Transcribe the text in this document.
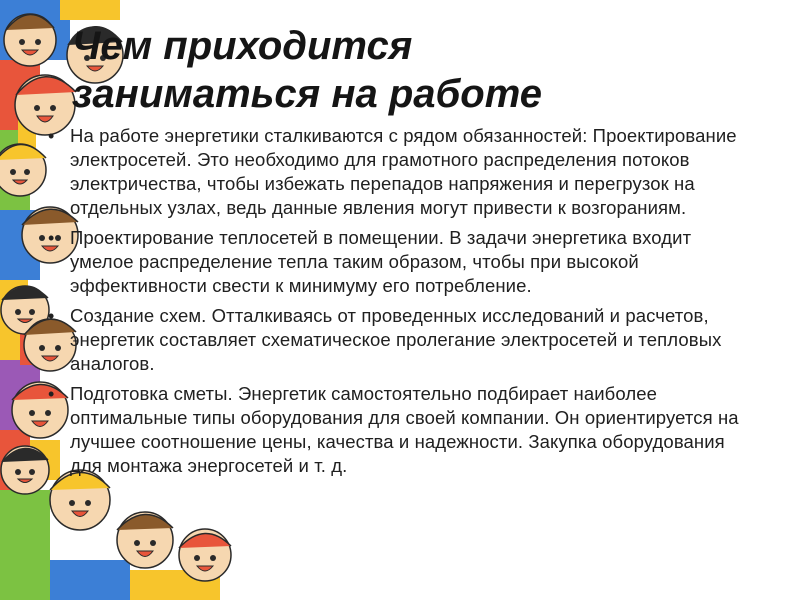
Чем приходится
заниматься на работе
• На работе энергетики сталкиваются с рядом обязанностей: Проектирование электросетей. Это необходимо для грамотного распределения потоков электричества, чтобы избежать перепадов напряжения и перегрузок на отдельных узлах, ведь данные явления могут привести к возгораниям.
• Проектирование теплосетей в помещении. В задачи энергетика входит умелое распределение тепла таким образом, чтобы при высокой эффективности свести к минимуму его потребление.
• Создание схем. Отталкиваясь от проведенных исследований и расчетов, энергетик составляет схематическое пролегание электросетей и тепловых аналогов.
• Подготовка сметы. Энергетик самостоятельно подбирает наиболее оптимальные типы оборудования для своей компании. Он ориентируется на лучшее соотношение цены, качества и надежности. Закупка оборудования для монтажа энергосетей и т. д.
